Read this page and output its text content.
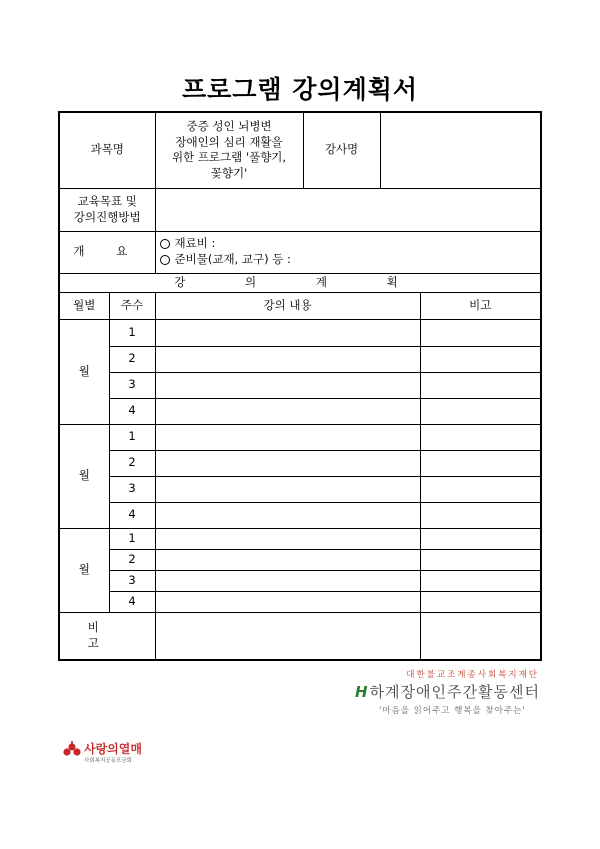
프로그램 강의계획서
과목명		중증 성인 뇌병변
장애인의 심리 재활을
위한 프로그램 '풀향기,
꽃향기'	강사명		

교육목표 및
강의진행방법					

개 요		재료비 :
준비물(교재, 교구) 등 :			

강 의 계 획					
월별	주수	강의 내용			비고
월	1				
	2				
	3				
	4				
월	1				
	2				
	3				
	4				
월	1				
	2				
	3				
	4				
비 고					
대한불교조계종사회복지재단
H하계장애인주간활동센터
'마음을 읽어주고 행복을 찾아주는'
사랑의열매
사회복지공동모금회
